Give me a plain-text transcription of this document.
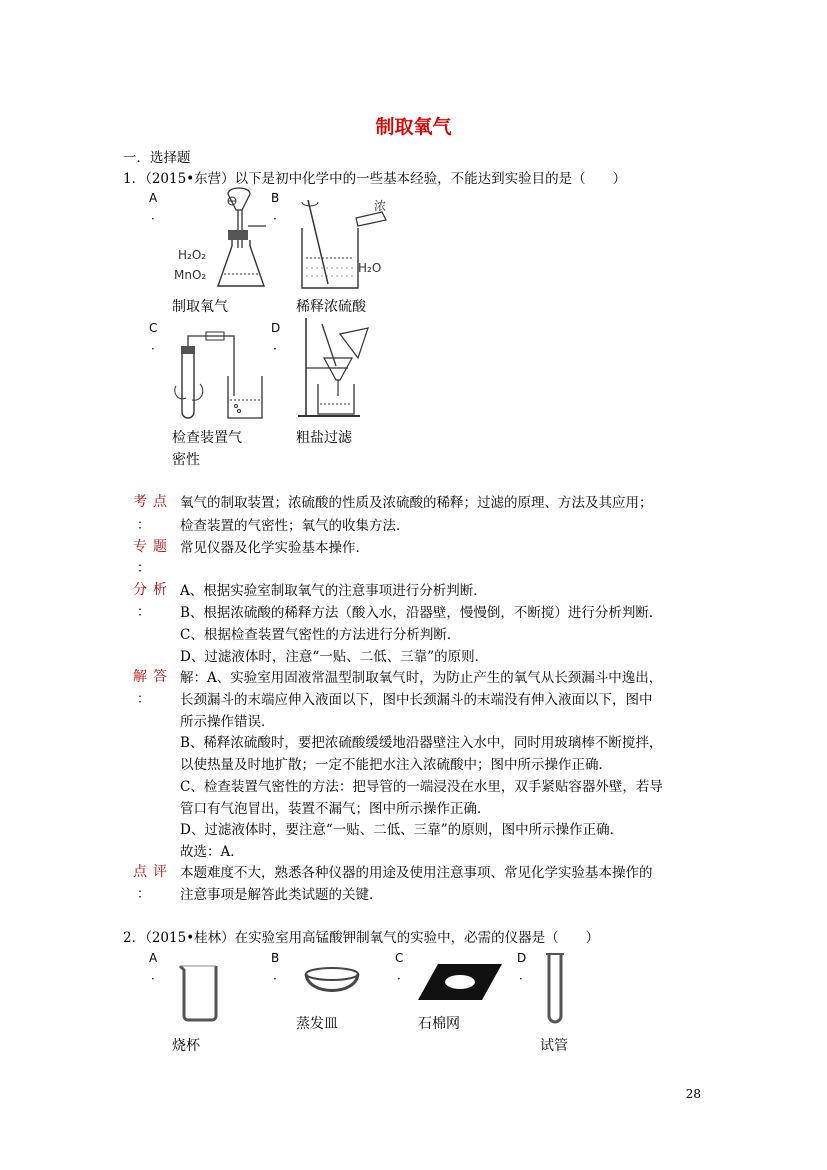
制取氧气
一．选择题
1．（2015•东营）以下是初中化学中的一些基本经验，不能达到实验目的是（　　）
A
·
H₂O₂
MnO₂
制取氧气
B
·
浓
H₂O
稀释浓硫酸
C
·
检查装置气
密性
D
·
粗盐过滤
考点
：
氧气的制取装置；浓硫酸的性质及浓硫酸的稀释；过滤的原理、方法及其应用；
检查装置的气密性；氧气的收集方法．
专题
：
常见仪器及化学实验基本操作．
分析
：
A、根据实验室制取氧气的注意事项进行分析判断．
B、根据浓硫酸的稀释方法（酸入水，沿器壁，慢慢倒，不断搅）进行分析判断．
C、根据检查装置气密性的方法进行分析判断．
D、过滤液体时，注意“一贴、二低、三靠”的原则．
解答
：
解：A、实验室用固液常温型制取氧气时，为防止产生的氧气从长颈漏斗中逸出，
长颈漏斗的末端应伸入液面以下，图中长颈漏斗的末端没有伸入液面以下，图中
所示操作错误．
B、稀释浓硫酸时，要把浓硫酸缓缓地沿器壁注入水中，同时用玻璃棒不断搅拌，
以使热量及时地扩散；一定不能把水注入浓硫酸中；图中所示操作正确．
C、检查装置气密性的方法：把导管的一端浸没在水里，双手紧贴容器外壁，若导
管口有气泡冒出，装置不漏气；图中所示操作正确．
D、过滤液体时，要注意“一贴、二低、三靠”的原则，图中所示操作正确．
故选：A．
点评
：
本题难度不大，熟悉各种仪器的用途及使用注意事项、常见化学实验基本操作的
注意事项是解答此类试题的关键．
2．（2015•桂林）在实验室用高锰酸钾制氧气的实验中，必需的仪器是（　　）
A
·
烧杯
B
·
蒸发皿
C
·
石棉网
D
·
试管
28
